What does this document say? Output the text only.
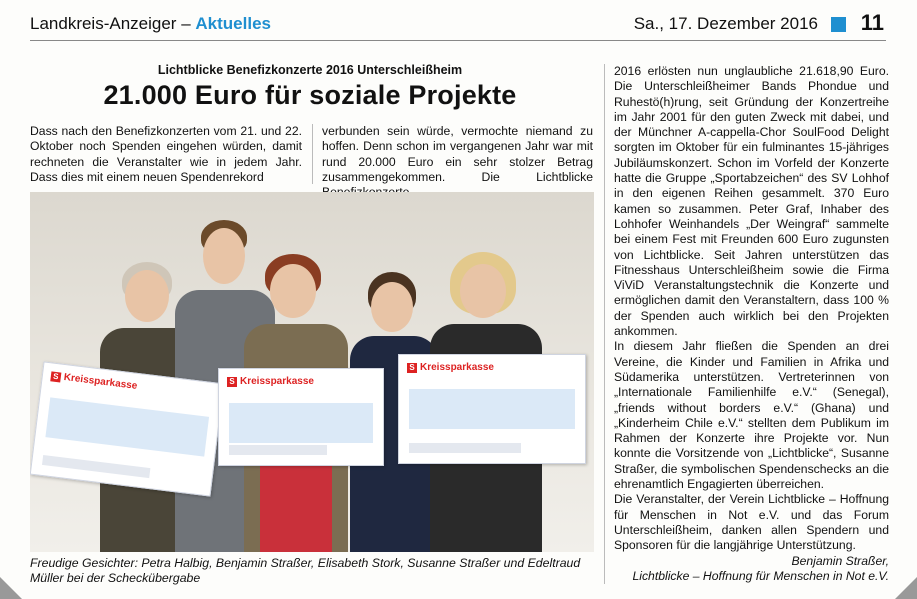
Landkreis-Anzeiger – Aktuelles	Sa., 17. Dezember 2016 11
Lichtblicke Benefizkonzerte 2016 Unterschleißheim
21.000 Euro für soziale Projekte

Dass nach den Benefizkonzerten vom 21. und 22. Oktober noch Spenden eingehen würden, damit rechneten die Veranstalter wie in jedem Jahr. Dass dies mit einem neuen Spendenrekord

verbunden sein würde, vermochte niemand zu hoffen. Denn schon im vergangenen Jahr war mit rund 20.000 Euro ein sehr stolzer Betrag zusammengekommen. Die Lichtblicke

S Kreissparkasse	S Kreissparkasse
S Kreissparkasse
Freudige Gesichter: Petra Halbig, Benjamin Straßer, Elisabeth Stork, Susanne Straßer und Edeltraud Müller bei der Scheckübergabe

2016 erlösten nun unglaubliche 21.618,90 Euro. Die Unterschleißheimer Bands Phondue und Ruhestö(h)rung, seit Gründung der Konzertreihe im Jahr 2001 für den guten Zweck mit dabei, und der Münchner A-cappella-Chor SoulFood Delight sorgten im Oktober für ein fulminantes 15-jähriges Jubiläumskonzert. Schon im Vorfeld der Konzerte hatte die Gruppe „Sportabzeichen“ des SV Lohhof in den eigenen Reihen gesammelt. 370 Euro kamen so zusammen. Peter Graf, Inhaber des Lohhofer Weinhandels „Der Weingraf“ sammelte bei einem Fest mit Freunden 600 Euro zugunsten von Lichtblicke. Seit Jahren unterstützen das Fitnesshaus Unterschleißheim sowie die Firma ViViD Veranstaltungstechnik die Konzerte und ermöglichen damit den Veranstaltern, dass 100 % der Spenden auch wirklich bei den Projekten ankommen.

In diesem Jahr fließen die Spenden an drei Vereine, die Kinder und Familien in Afrika und Südamerika unterstützen. Vertreterinnen von „Internationale Familienhilfe e.V.“ (Senegal), „friends without borders e.V.“ (Ghana) und „Kinderheim Chile e.V.“ stellten dem Publikum im Rahmen der Konzerte ihre Projekte vor. Nun konnte die Vorsitzende von „Lichtblicke“, Susanne Straßer, die symbolischen Spendenschecks an die ehrenamtlich Engagierten überreichen.

Die Veranstalter, der Verein Lichtblicke – Hoffnung für Menschen in Not e.V. und das Forum Unterschleißheim, danken allen Spendern und Sponsoren für die langjährige Unterstützung.

Benjamin Straßer,

Lichtblicke – Hoffnung für Menschen in Not e.V.
